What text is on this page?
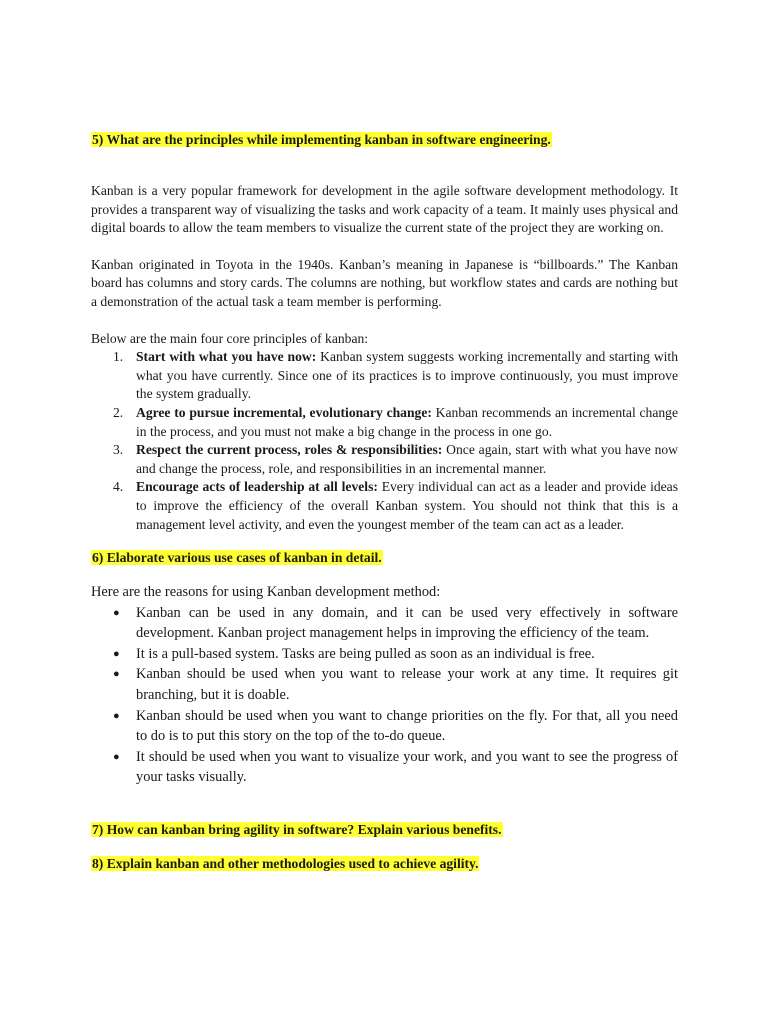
5) What are the principles while implementing kanban in software engineering.

Kanban is a very popular framework for development in the agile software development methodology. It provides a transparent way of visualizing the tasks and work capacity of a team. It mainly uses physical and digital boards to allow the team members to visualize the current state of the project they are working on.

Kanban originated in Toyota in the 1940s. Kanban’s meaning in Japanese is “billboards.” The Kanban board has columns and story cards. The columns are nothing, but workflow states and cards are nothing but a demonstration of the actual task a team member is performing.

Below are the main four core principles of kanban:

1. Start with what you have now: Kanban system suggests working incrementally and starting with what you have currently. Since one of its practices is to improve continuously, you must improve the system gradually.
2. Agree to pursue incremental, evolutionary change: Kanban recommends an incremental change in the process, and you must not make a big change in the process in one go.
3. Respect the current process, roles & responsibilities: Once again, start with what you have now and change the process, role, and responsibilities in an incremental manner.
4. Encourage acts of leadership at all levels: Every individual can act as a leader and provide ideas to improve the efficiency of the overall Kanban system. You should not think that this is a management level activity, and even the youngest member of the team can act as a leader.

6) Elaborate various use cases of kanban in detail.

Here are the reasons for using Kanban development method:

● Kanban can be used in any domain, and it can be used very effectively in software development. Kanban project management helps in improving the efficiency of the team.
● It is a pull-based system. Tasks are being pulled as soon as an individual is free.
● Kanban should be used when you want to release your work at any time. It requires git branching, but it is doable.
● Kanban should be used when you want to change priorities on the fly. For that, all you need to do is to put this story on the top of the to-do queue.
● It should be used when you want to visualize your work, and you want to see the progress of your tasks visually.

7) How can kanban bring agility in software? Explain various benefits.

8) Explain kanban and other methodologies used to achieve agility.
